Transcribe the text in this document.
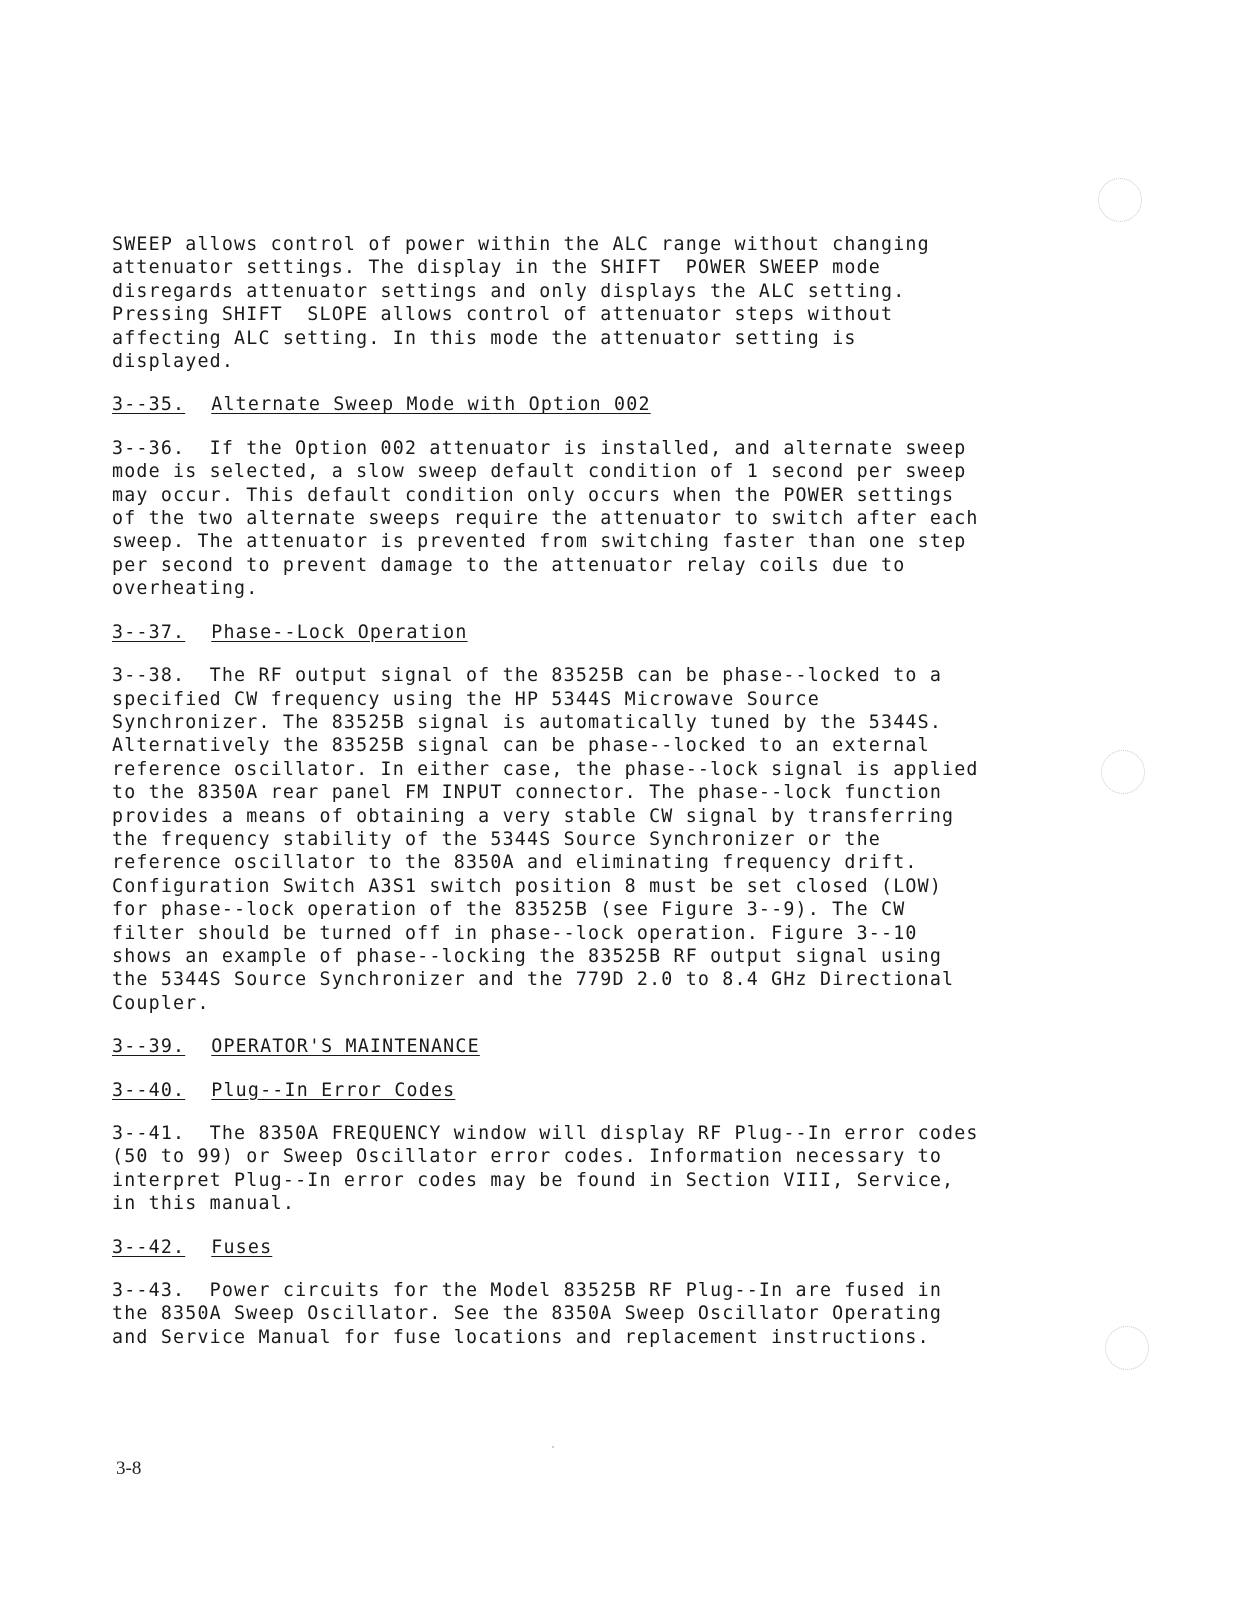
SWEEP allows control of power within the ALC range without changing
attenuator settings. The display in the SHIFT  POWER SWEEP mode
disregards attenuator settings and only displays the ALC setting.
Pressing SHIFT  SLOPE allows control of attenuator steps without
affecting ALC setting. In this mode the attenuator setting is
displayed.
3--35. Alternate Sweep Mode with Option 002
3--36.  If the Option 002 attenuator is installed, and alternate sweep
mode is selected, a slow sweep default condition of 1 second per sweep
may occur. This default condition only occurs when the POWER settings
of the two alternate sweeps require the attenuator to switch after each
sweep. The attenuator is prevented from switching faster than one step
per second to prevent damage to the attenuator relay coils due to
overheating.
3--37. Phase--Lock Operation
3--38.  The RF output signal of the 83525B can be phase--locked to a
specified CW frequency using the HP 5344S Microwave Source
Synchronizer. The 83525B signal is automatically tuned by the 5344S.
Alternatively the 83525B signal can be phase--locked to an external
reference oscillator. In either case, the phase--lock signal is applied
to the 8350A rear panel FM INPUT connector. The phase--lock function
provides a means of obtaining a very stable CW signal by transferring
the frequency stability of the 5344S Source Synchronizer or the
reference oscillator to the 8350A and eliminating frequency drift.
Configuration Switch A3S1 switch position 8 must be set closed (LOW)
for phase--lock operation of the 83525B (see Figure 3--9). The CW
filter should be turned off in phase--lock operation. Figure 3--10
shows an example of phase--locking the 83525B RF output signal using
the 5344S Source Synchronizer and the 779D 2.0 to 8.4 GHz Directional
Coupler.
3--39. OPERATOR'S MAINTENANCE
3--40. Plug--In Error Codes
3--41.  The 8350A FREQUENCY window will display RF Plug--In error codes
(50 to 99) or Sweep Oscillator error codes. Information necessary to
interpret Plug--In error codes may be found in Section VIII, Service,
in this manual.
3--42. Fuses
3--43.  Power circuits for the Model 83525B RF Plug--In are fused in
the 8350A Sweep Oscillator. See the 8350A Sweep Oscillator Operating
and Service Manual for fuse locations and replacement instructions.
3-8
